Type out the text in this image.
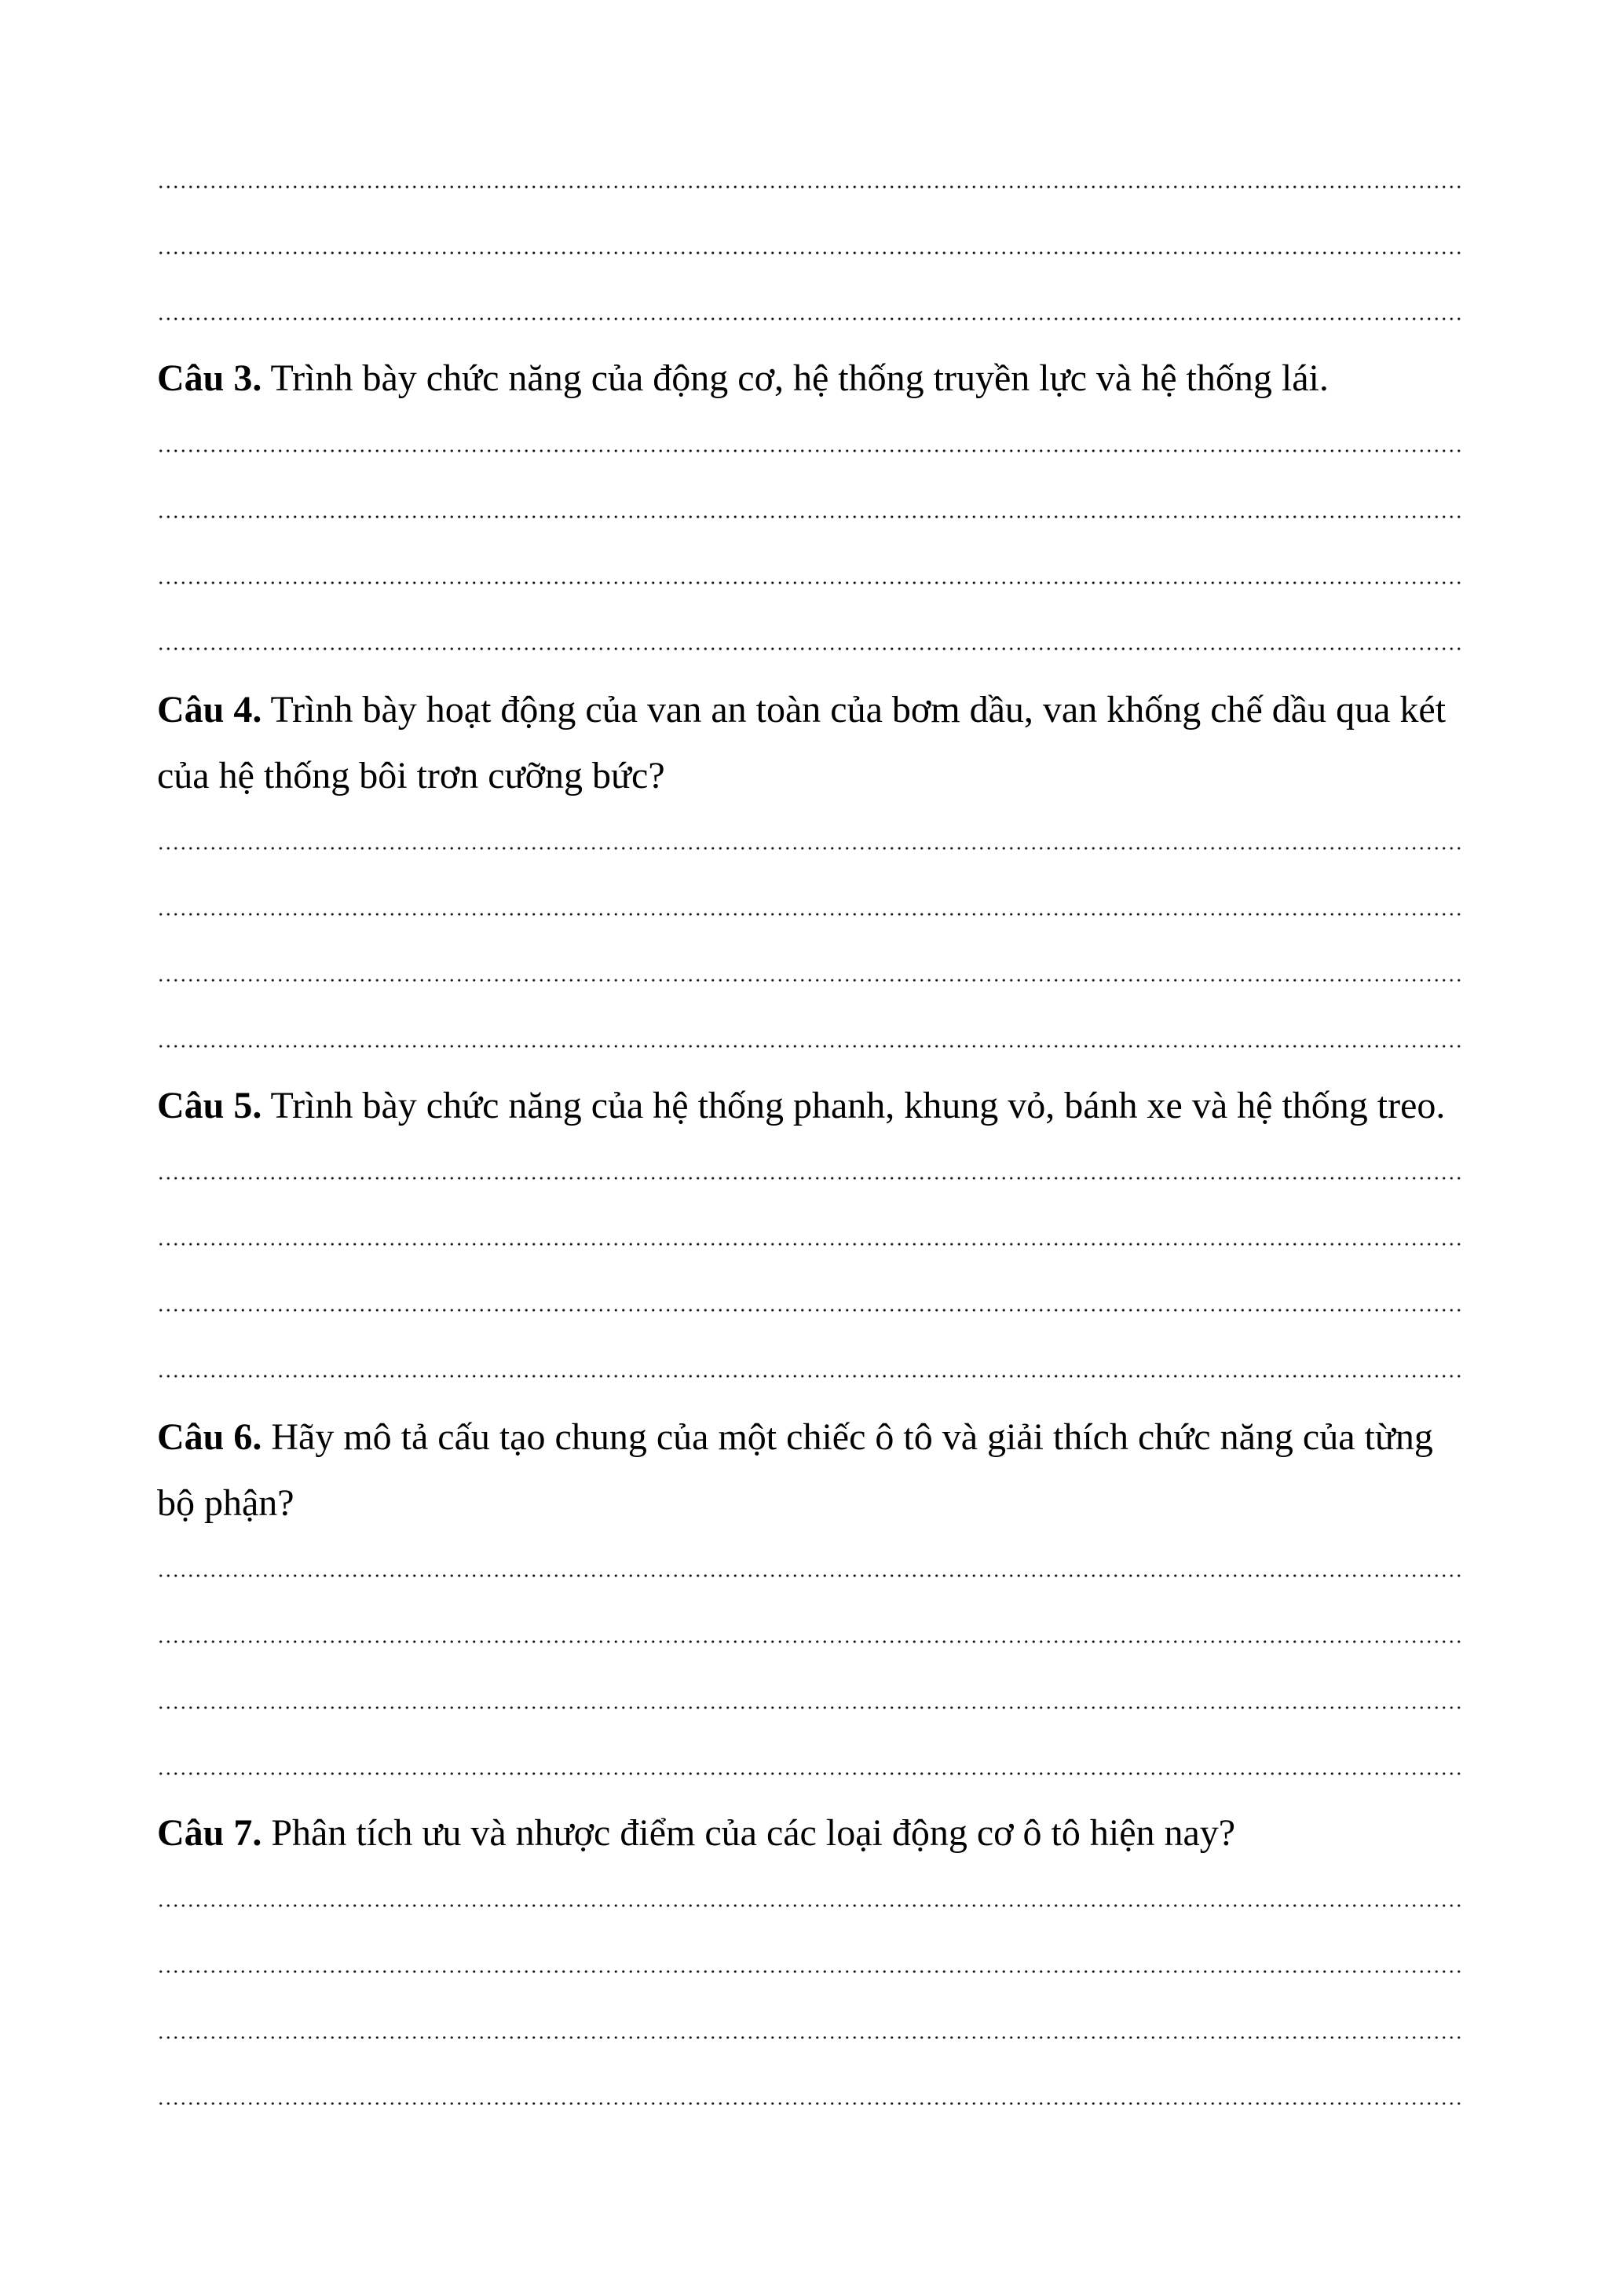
Câu 3. Trình bày chức năng của động cơ, hệ thống truyền lực và hệ thống lái.
Câu 4. Trình bày hoạt động của van an toàn của bơm dầu, van khống chế dầu qua két
của hệ thống bôi trơn cưỡng bức?
Câu 5. Trình bày chức năng của hệ thống phanh, khung vỏ, bánh xe và hệ thống treo.
Câu 6. Hãy mô tả cấu tạo chung của một chiếc ô tô và giải thích chức năng của từng
bộ phận?
Câu 7. Phân tích ưu và nhược điểm của các loại động cơ ô tô hiện nay?
